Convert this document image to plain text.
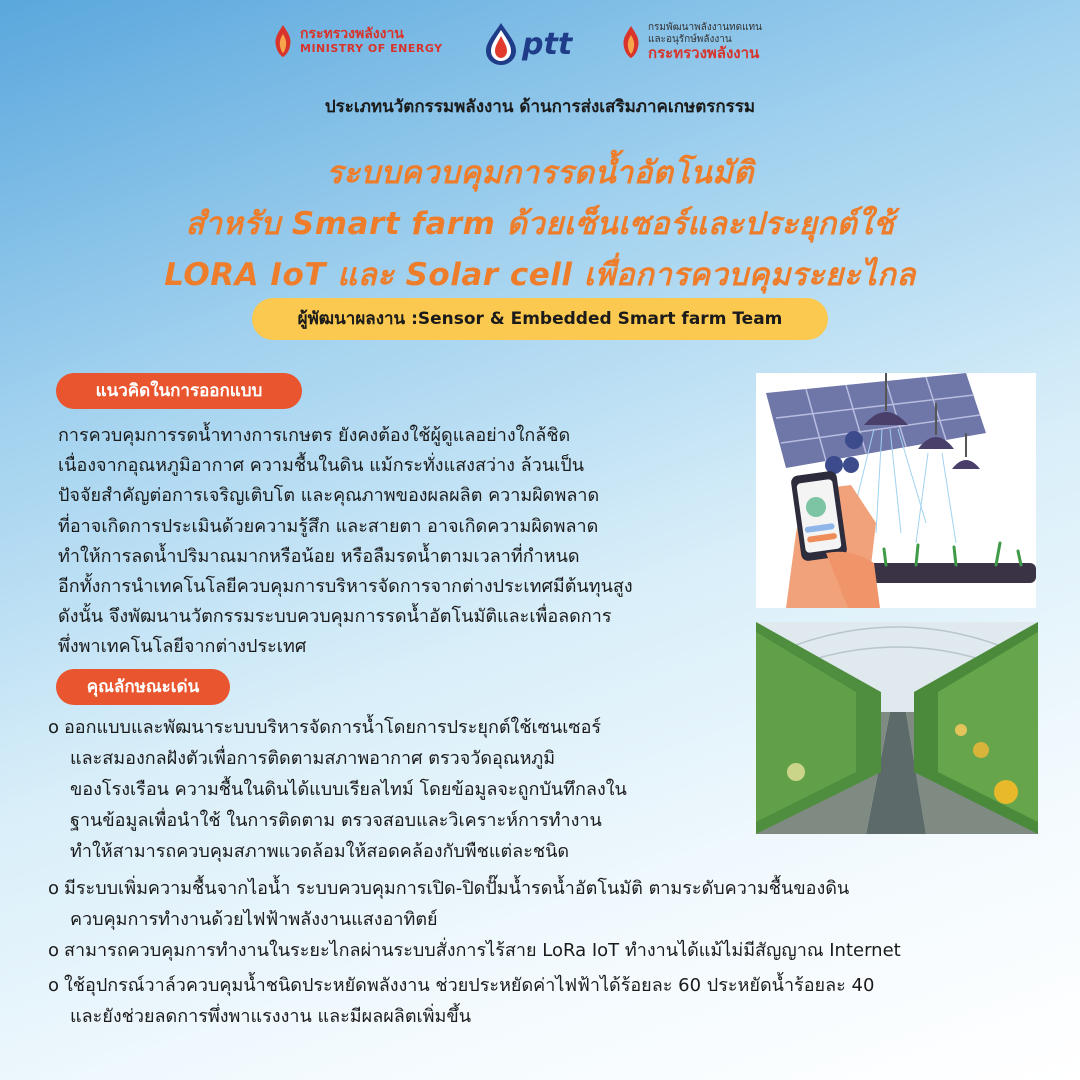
กระทรวงพลังงาน
MINISTRY OF ENERGY	ptt	กรมพัฒนาพลังงานทดแทน
และอนุรักษ์พลังงาน
กระทรวงพลังงาน
ประเภทนวัตกรรมพลังงาน ด้านการส่งเสริมภาคเกษตรกรรม
ระบบควบคุมการรดน้ำอัตโนมัติ
สำหรับ Smart farm ด้วยเซ็นเซอร์และประยุกต์ใช้
LORA IoT และ Solar cell เพื่อการควบคุมระยะไกล
ผู้พัฒนาผลงาน :Sensor & Embedded Smart farm Team
แนวคิดในการออกแบบ
การควบคุมการรดน้ำทางการเกษตร ยังคงต้องใช้ผู้ดูแลอย่างใกล้ชิด
เนื่องจากอุณหภูมิอากาศ ความชื้นในดิน แม้กระทั่งแสงสว่าง ล้วนเป็น
ปัจจัยสำคัญต่อการเจริญเติบโต และคุณภาพของผลผลิต ความผิดพลาด
ที่อาจเกิดการประเมินด้วยความรู้สึก และสายตา อาจเกิดความผิดพลาด
ทำให้การลดน้ำปริมาณมากหรือน้อย หรือลืมรดน้ำตามเวลาที่กำหนด
อีกทั้งการนำเทคโนโลยีควบคุมการบริหารจัดการจากต่างประเทศมีต้นทุนสูง
ดังนั้น จึงพัฒนานวัตกรรมระบบควบคุมการรดน้ำอัตโนมัติและเพื่อลดการ
พึ่งพาเทคโนโลยีจากต่างประเทศ
คุณลักษณะเด่น
o ออกแบบและพัฒนาระบบบริหารจัดการน้ำโดยการประยุกต์ใช้เซนเซอร์
และสมองกลฝังตัวเพื่อการติดตามสภาพอากาศ ตรวจวัดอุณหภูมิ
ของโรงเรือน ความชื้นในดินได้แบบเรียลไทม์ โดยข้อมูลจะถูกบันทึกลงใน
ฐานข้อมูลเพื่อนำใช้ ในการติดตาม ตรวจสอบและวิเคราะห์การทำงาน
ทำให้สามารถควบคุมสภาพแวดล้อมให้สอดคล้องกับพืชแต่ละชนิด
o มีระบบเพิ่มความชื้นจากไอน้ำ ระบบควบคุมการเปิด-ปิดปั๊มน้ำรดน้ำอัตโนมัติ ตามระดับความชื้นของดิน
ควบคุมการทำงานด้วยไฟฟ้าพลังงานแสงอาทิตย์
o สามารถควบคุมการทำงานในระยะไกลผ่านระบบสั่งการไร้สาย LoRa IoT ทำงานได้แม้ไม่มีสัญญาณ Internet
o ใช้อุปกรณ์วาล์วควบคุมน้ำชนิดประหยัดพลังงาน ช่วยประหยัดค่าไฟฟ้าได้ร้อยละ 60 ประหยัดน้ำร้อยละ 40
และยังช่วยลดการพึ่งพาแรงงาน และมีผลผลิตเพิ่มขึ้น
